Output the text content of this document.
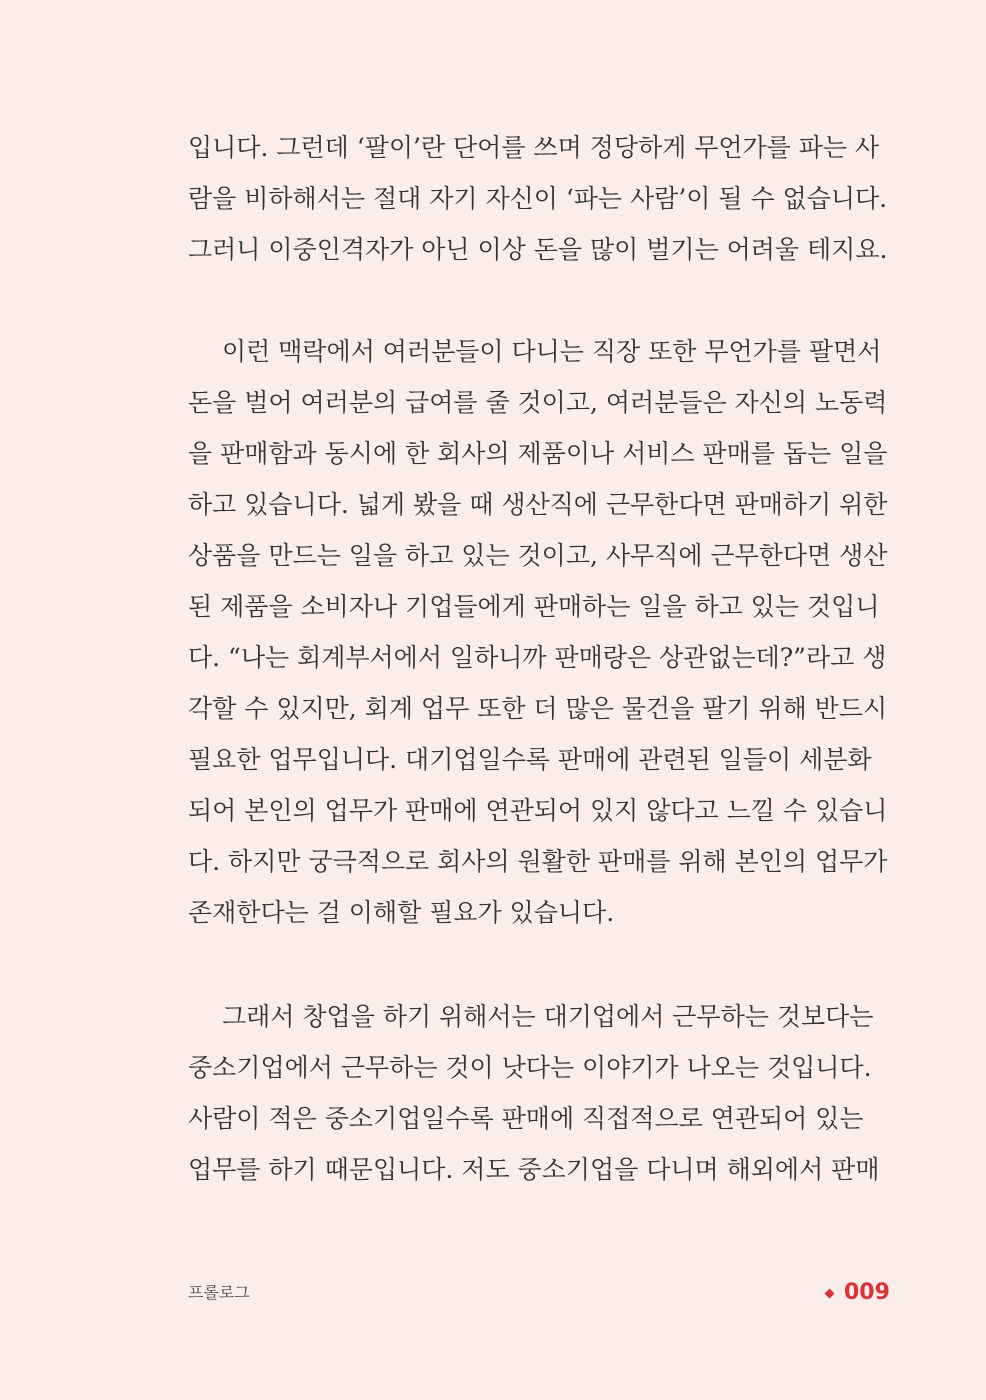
입니다. 그런데 ‘팔이’란 단어를 쓰며 정당하게 무언가를 파는 사
람을 비하해서는 절대 자기 자신이 ‘파는 사람’이 될 수 없습니다.
그러니 이중인격자가 아닌 이상 돈을 많이 벌기는 어려울 테지요.
이런 맥락에서 여러분들이 다니는 직장 또한 무언가를 팔면서
돈을 벌어 여러분의 급여를 줄 것이고, 여러분들은 자신의 노동력
을 판매함과 동시에 한 회사의 제품이나 서비스 판매를 돕는 일을
하고 있습니다. 넓게 봤을 때 생산직에 근무한다면 판매하기 위한
상품을 만드는 일을 하고 있는 것이고, 사무직에 근무한다면 생산
된 제품을 소비자나 기업들에게 판매하는 일을 하고 있는 것입니
다. “나는 회계부서에서 일하니까 판매랑은 상관없는데?”라고 생
각할 수 있지만, 회계 업무 또한 더 많은 물건을 팔기 위해 반드시
필요한 업무입니다. 대기업일수록 판매에 관련된 일들이 세분화
되어 본인의 업무가 판매에 연관되어 있지 않다고 느낄 수 있습니
다. 하지만 궁극적으로 회사의 원활한 판매를 위해 본인의 업무가
존재한다는 걸 이해할 필요가 있습니다.
그래서 창업을 하기 위해서는 대기업에서 근무하는 것보다는
중소기업에서 근무하는 것이 낫다는 이야기가 나오는 것입니다.
사람이 적은 중소기업일수록 판매에 직접적으로 연관되어 있는
업무를 하기 때문입니다. 저도 중소기업을 다니며 해외에서 판매
프롤로그	009
